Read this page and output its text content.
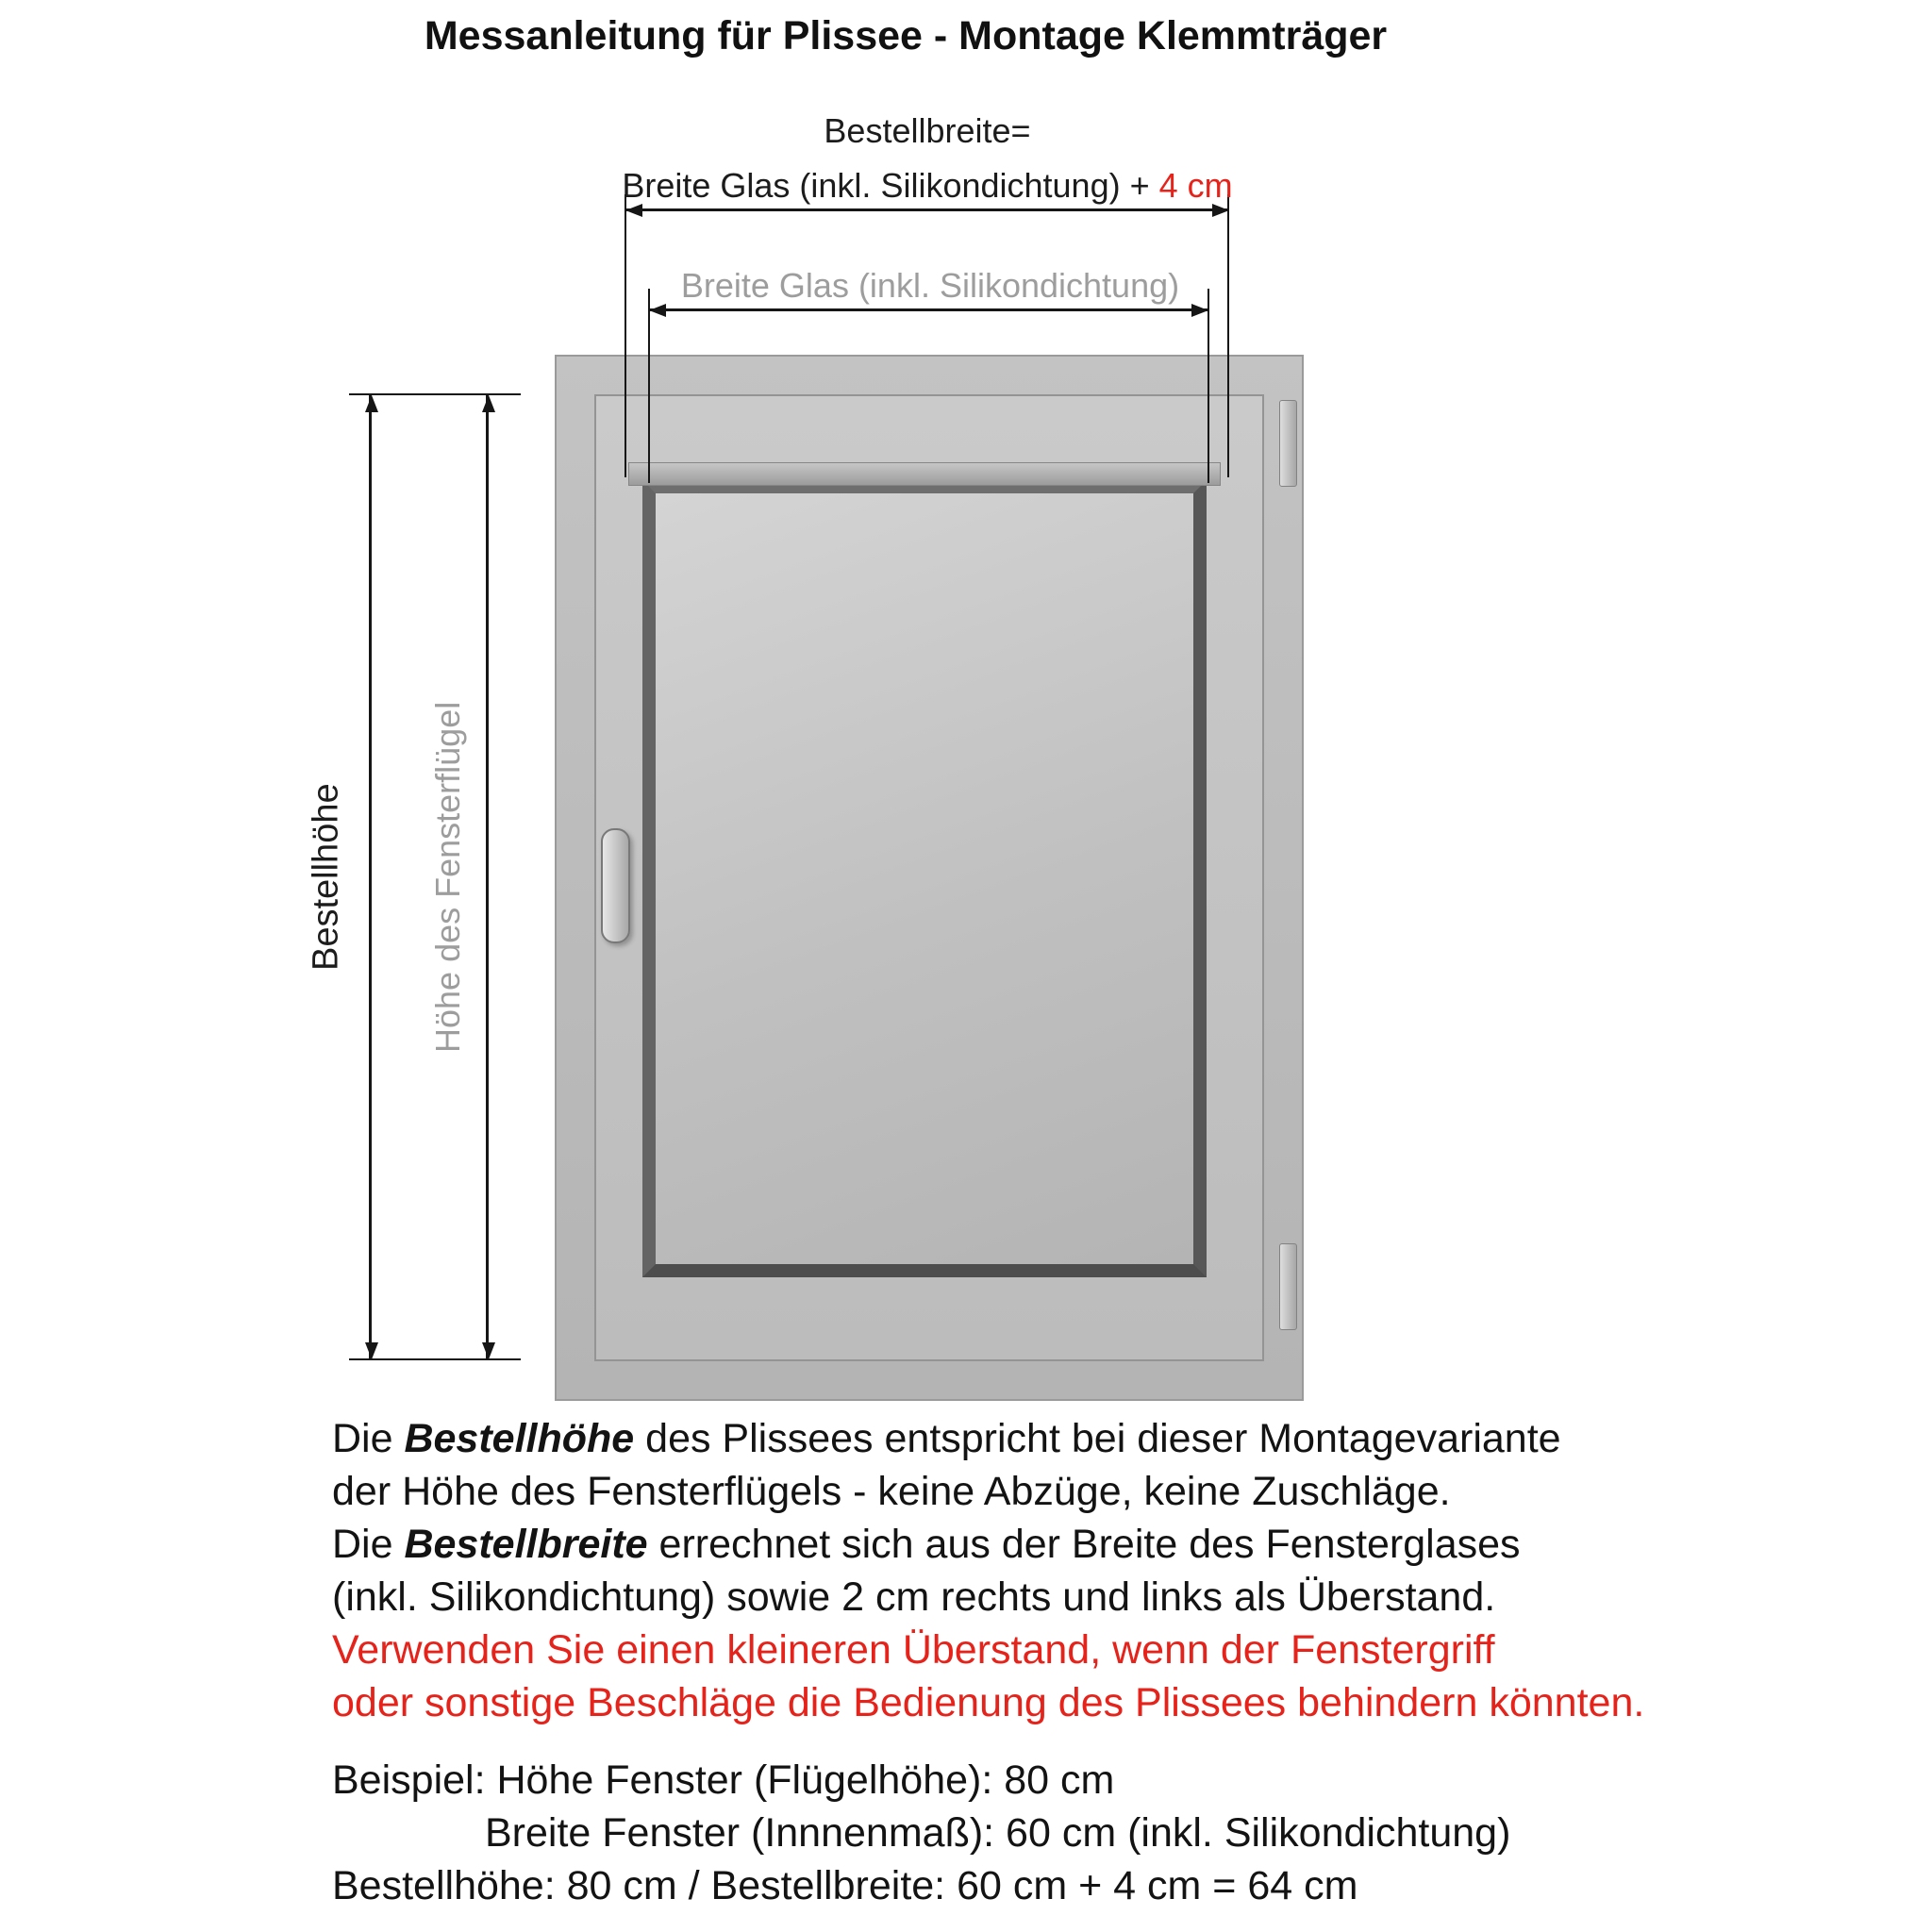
Messanleitung für Plissee - Montage Klemmträger
Bestellbreite=
Breite Glas (inkl. Silikondichtung) + 4 cm
Breite Glas (inkl. Silikondichtung)
Bestellhöhe Höhe des Fensterflügel
Die Bestellhöhe des Plissees entspricht bei dieser Montagevariante
der Höhe des Fensterflügels - keine Abzüge, keine Zuschläge.
Die Bestellbreite errechnet sich aus der Breite des Fensterglases
(inkl. Silikondichtung) sowie 2 cm rechts und links als Überstand.
Verwenden Sie einen kleineren Überstand, wenn der Fenstergriff
oder sonstige Beschläge die Bedienung des Plissees behindern könnten.
Beispiel: Höhe Fenster (Flügelhöhe): 80 cm
Breite Fenster (Innnenmaß): 60 cm (inkl. Silikondichtung)
Bestellhöhe: 80 cm / Bestellbreite: 60 cm + 4 cm = 64 cm
